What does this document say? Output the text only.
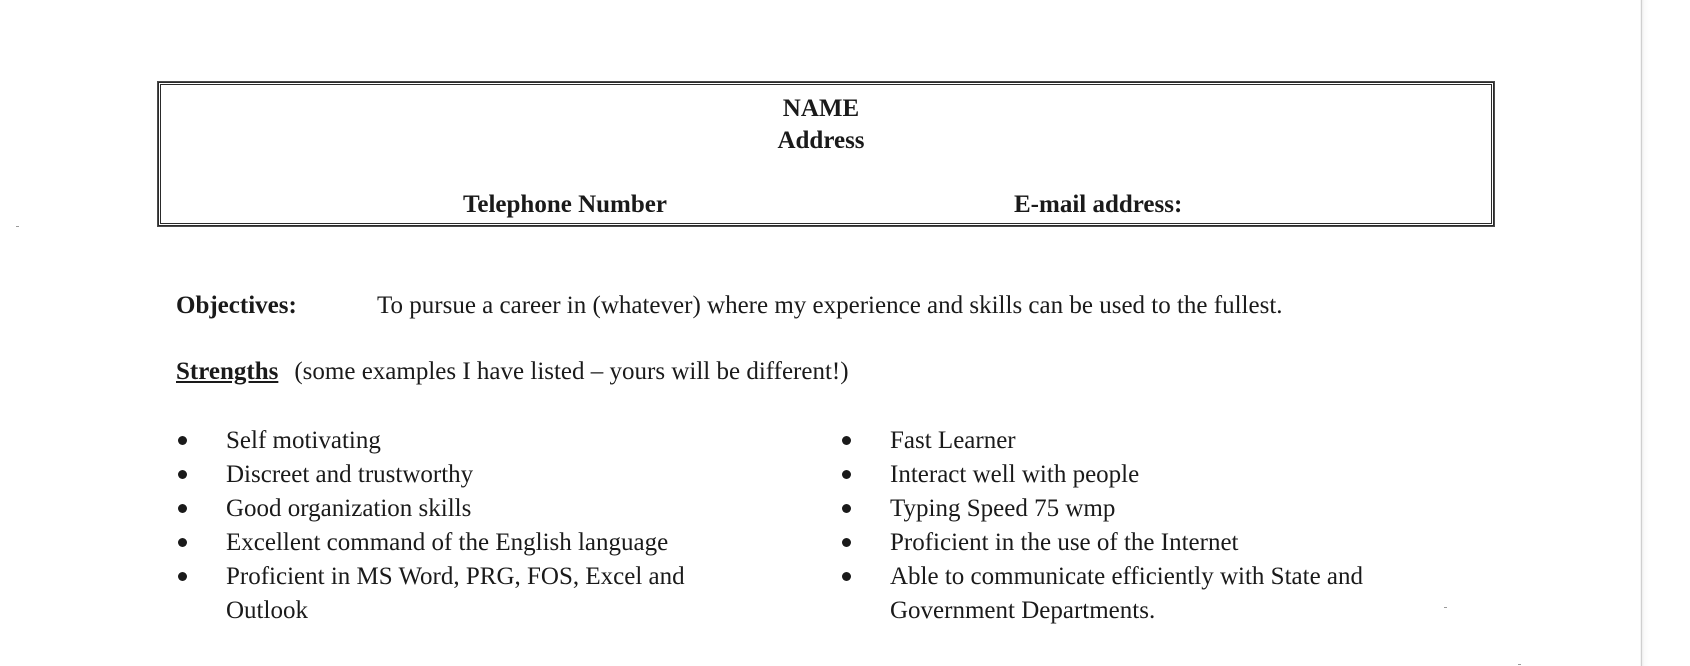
NAME
Address
Telephone Number	E-mail address:
Objectives:	To pursue a career in (whatever) where my experience and skills can be used to the fullest.
Strengths (some examples I have listed – yours will be different!)
Self motivating
Discreet and trustworthy
Good organization skills
Excellent command of the English language
Proficient in MS Word, PRG, FOS, Excel and Outlook
Fast Learner
Interact well with people
Typing Speed 75 wmp
Proficient in the use of the Internet
Able to communicate efficiently with State and Government Departments.
